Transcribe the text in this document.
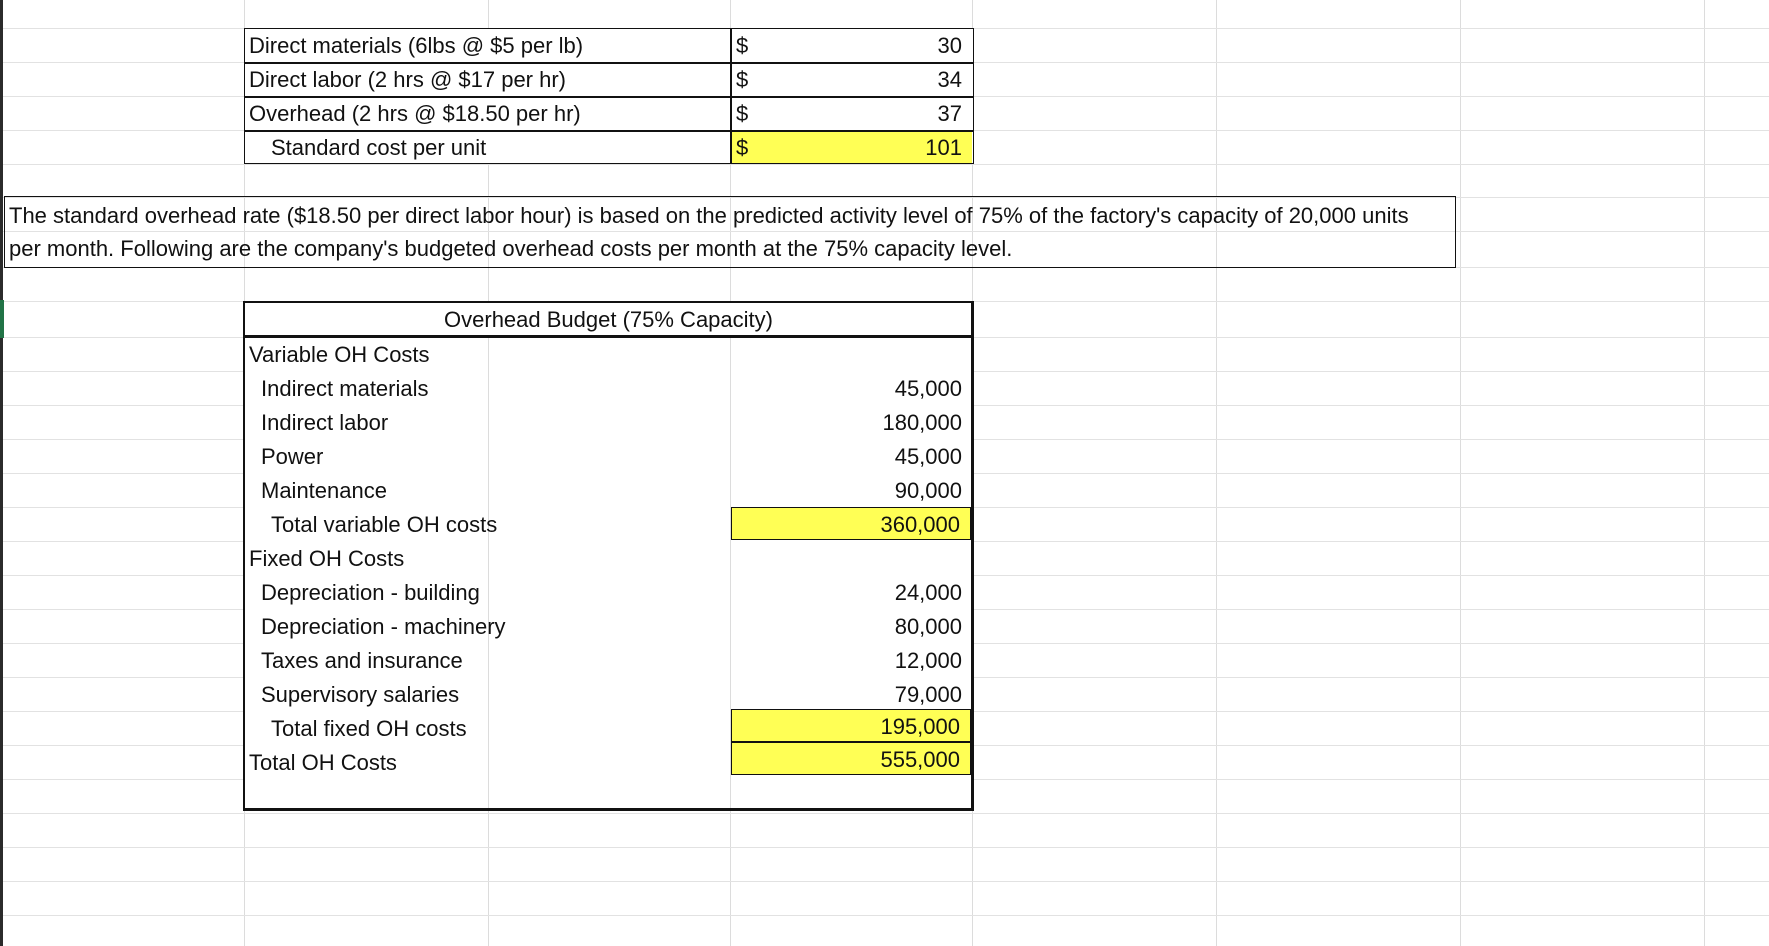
Direct materials (6lbs @ $5 per lb)	$	30
Direct labor (2 hrs @ $17 per hr)	$	34
Overhead (2 hrs @ $18.50 per hr)	$	37
Standard cost per unit	$	101
The standard overhead rate ($18.50 per direct labor hour) is based on the predicted activity level of 75% of the factory's capacity of 20,000 units
per month. Following are the company's budgeted overhead costs per month at the 75% capacity level.
Overhead Budget (75% Capacity)
Variable OH Costs
Indirect materials	45,000
Indirect labor	180,000
Power	45,000
Maintenance	90,000
Total variable OH costs	360,000
Fixed OH Costs
Depreciation - building	24,000
Depreciation - machinery	80,000
Taxes and insurance	12,000
Supervisory salaries	79,000
Total fixed OH costs	195,000
Total OH Costs	555,000
